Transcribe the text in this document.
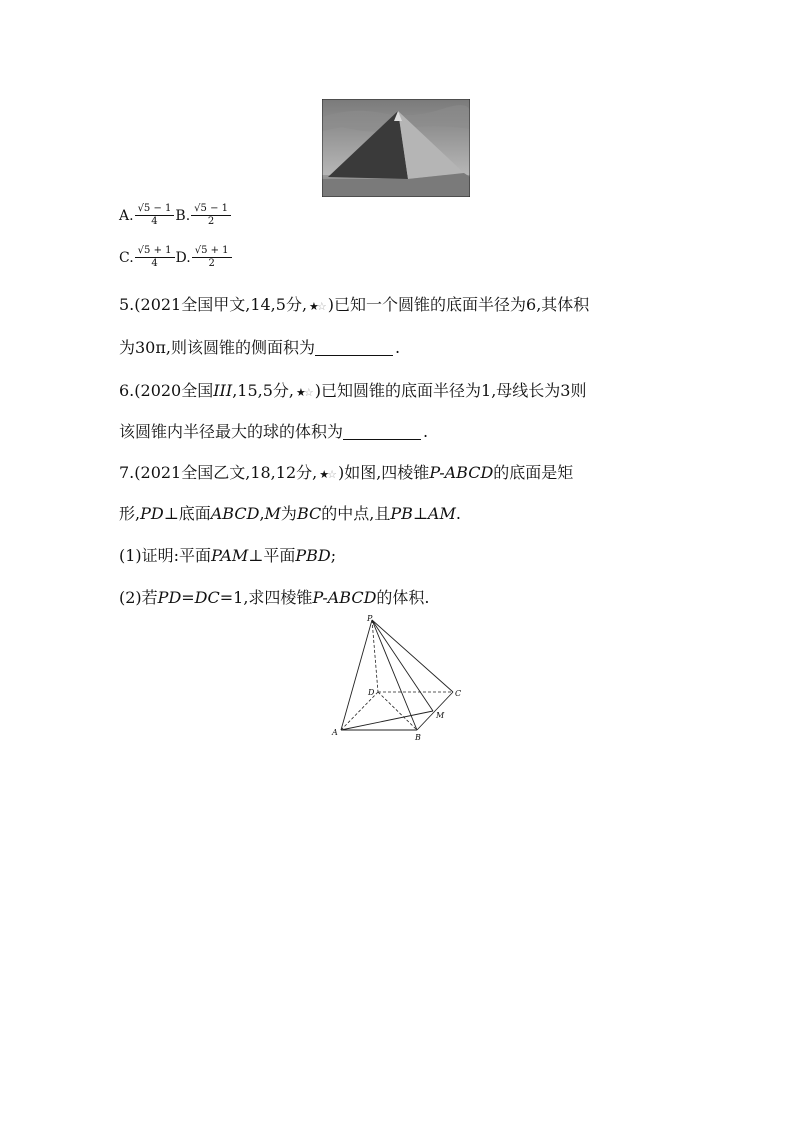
A. $\frac{√5 - 1}{4} B$. $\frac{√5 - 1}{2}$
C. $\frac{√5 + 1}{4} D$. $\frac{√5 + 1}{2}$
5.(2021全国甲文,14,5分, ★☆ )已知一个圆锥的底面半径为6,其体积
为30π,则该圆锥的侧面积为	.
6.(2020全国III,15,5分, ★☆ )已知圆锥的底面半径为1,母线长为3则
该圆锥内半径最大的球的体积为	.
7.(2021全国乙文,18,12分, ★☆ )如图,四棱锥P-ABCD的底面是矩
形,PD⊥底面ABCD,M为BC的中点,且PB⊥AM.
(1)证明:平面PAM⊥平面PBD;
(2)若PD=DC=1,求四棱锥P-ABCD的体积.
P
D	C
M
A
B
